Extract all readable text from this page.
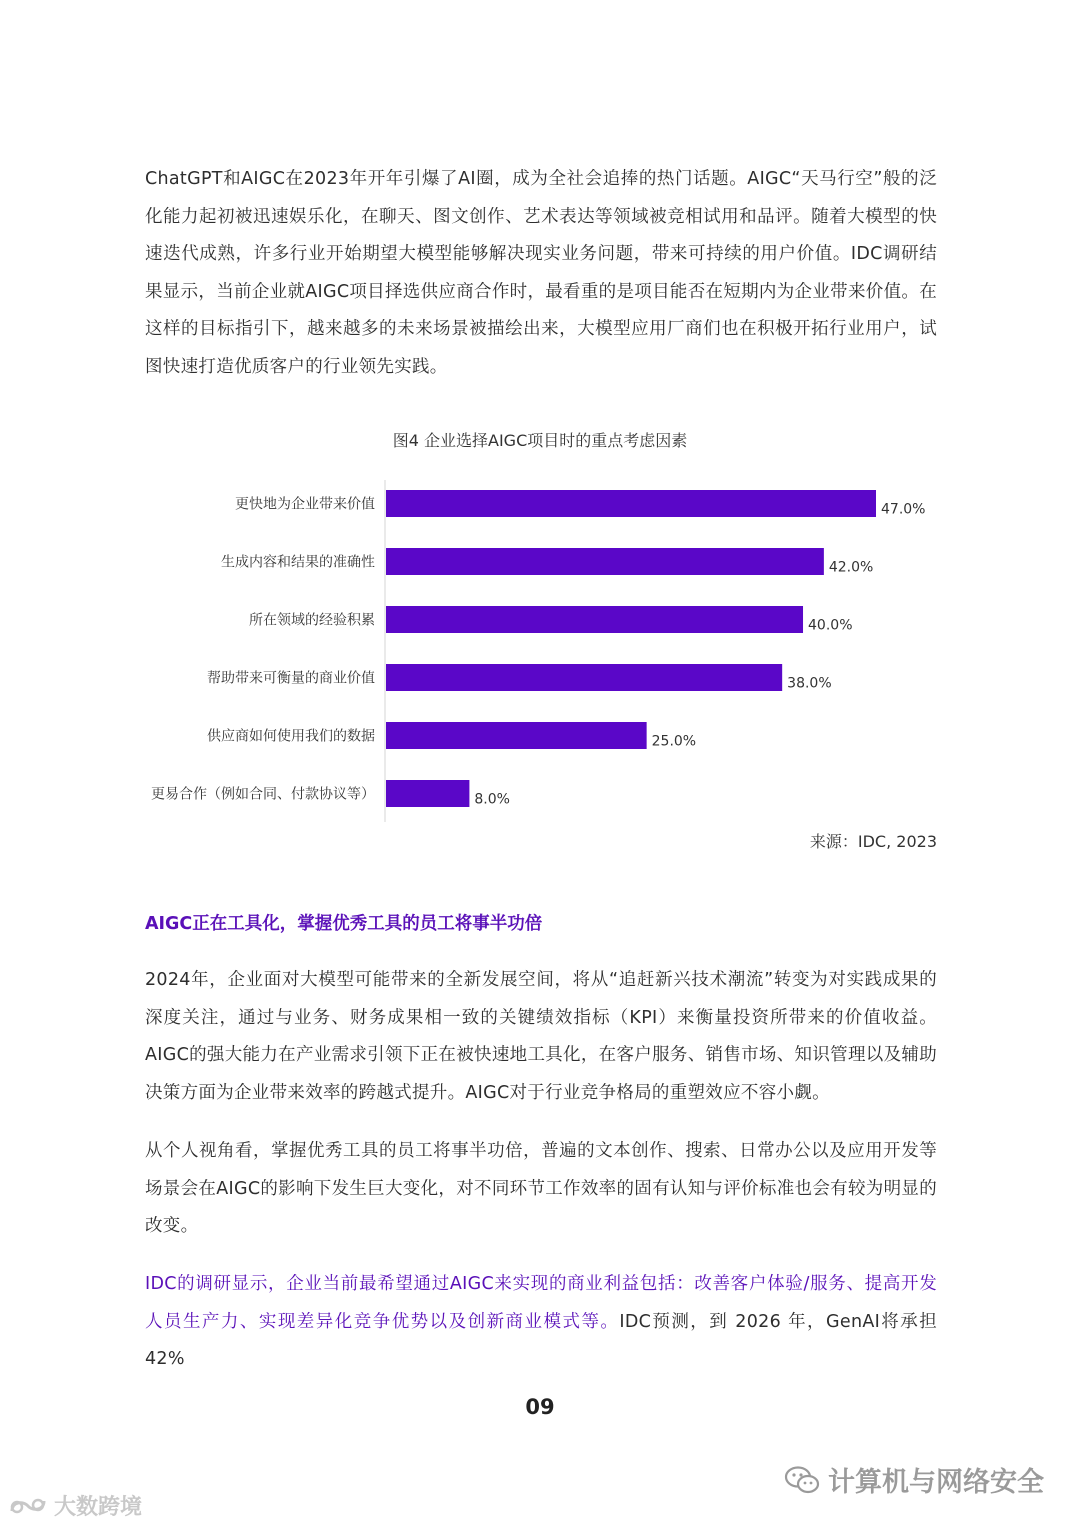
ChatGPT和AIGC在2023年开年引爆了AI圈，成为全社会追捧的热门话题。AIGC“天马行空”般的泛化能力起初被迅速娱乐化，在聊天、图文创作、艺术表达等领域被竞相试用和品评。随着大模型的快速迭代成熟，许多行业开始期望大模型能够解决现实业务问题，带来可持续的用户价值。IDC调研结果显示，当前企业就AIGC项目择选供应商合作时，最看重的是项目能否在短期内为企业带来价值。在这样的目标指引下，越来越多的未来场景被描绘出来，大模型应用厂商们也在积极开拓行业用户，试图快速打造优质客户的行业领先实践。

图4 企业选择AIGC项目时的重点考虑因素
更快地为企业带来价值	47.0%
生成内容和结果的准确性	42.0%
所在领域的经验积累	40.0%
帮助带来可衡量的商业价值	38.0%
供应商如何使用我们的数据	25.0%
更易合作（例如合同、付款协议等）	8.0%
来源：IDC, 2023
AIGC正在工具化，掌握优秀工具的员工将事半功倍

2024年，企业面对大模型可能带来的全新发展空间，将从“追赶新兴技术潮流”转变为对实践成果的深度关注，通过与业务、财务成果相一致的关键绩效指标（KPI）来衡量投资所带来的价值收益。AIGC的强大能力在产业需求引领下正在被快速地工具化，在客户服务、销售市场、知识管理以及辅助决策方面为企业带来效率的跨越式提升。AIGC对于行业竞争格局的重塑效应不容小觑。

从个人视角看，掌握优秀工具的员工将事半功倍，普遍的文本创作、搜索、日常办公以及应用开发等场景会在AIGC的影响下发生巨大变化，对不同环节工作效率的固有认知与评价标准也会有较为明显的改变。

IDC的调研显示，企业当前最希望通过AIGC来实现的商业利益包括：改善客户体验/服务、提高开发人员生产力、实现差异化竞争优势以及创新商业模式等。IDC预测，到 2026 年，GenAI将承担 42%

09
计算机与网络安全
大数跨境
